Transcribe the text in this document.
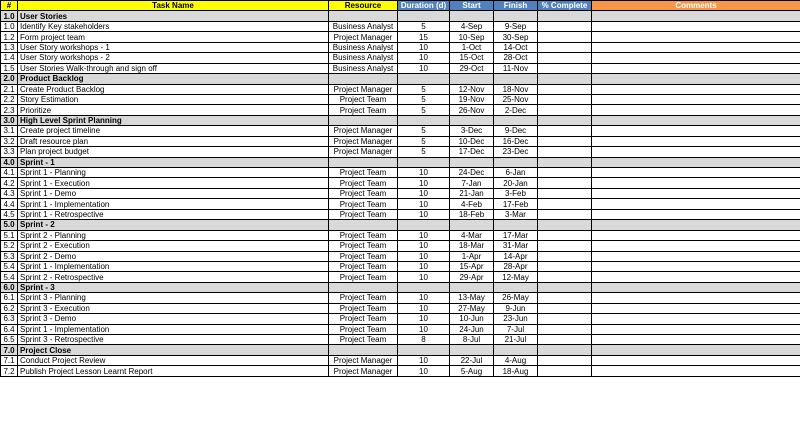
#	Task Name	Resource	Duration (d)	Start	Finish	% Complete	Comments
1.0	User Stories						
1.0	Identify Key stakeholders	Business Analyst	5	4-Sep	9-Sep		
1.2	Form project team	Project Manager	15	10-Sep	30-Sep		
1.3	User Story workshops - 1	Business Analyst	10	1-Oct	14-Oct		
1.4	User Story workshops - 2	Business Analyst	10	15-Oct	28-Oct		
1.5	User Stories Walk-through and sign off	Business Analyst	10	29-Oct	11-Nov		
2.0	Product Backlog						
2.1	Create Product Backlog	Project Manager	5	12-Nov	18-Nov		
2.2	Story Estimation	Project Team	5	19-Nov	25-Nov		
2.3	Prioritize	Project Team	5	26-Nov	2-Dec		
3.0	High Level Sprint Planning						
3.1	Create project timeline	Project Manager	5	3-Dec	9-Dec		
3.2	Draft resource plan	Project Manager	5	10-Dec	16-Dec		
3.3	Plan project budget	Project Manager	5	17-Dec	23-Dec		
4.0	Sprint - 1						
4.1	Sprint 1 - Planning	Project Team	10	24-Dec	6-Jan		
4.2	Sprint 1 - Execution	Project Team	10	7-Jan	20-Jan		
4.3	Sprint 1 - Demo	Project Team	10	21-Jan	3-Feb		
4.4	Sprint 1 - Implementation	Project Team	10	4-Feb	17-Feb		
4.5	Sprint 1 - Retrospective	Project Team	10	18-Feb	3-Mar		
5.0	Sprint - 2						
5.1	Sprint 2 - Planning	Project Team	10	4-Mar	17-Mar		
5.2	Sprint 2 - Execution	Project Team	10	18-Mar	31-Mar		
5.3	Sprint 2 - Demo	Project Team	10	1-Apr	14-Apr		
5.4	Sprint 1 - Implementation	Project Team	10	15-Apr	28-Apr		
5.4	Sprint 2 - Retrospective	Project Team	10	29-Apr	12-May		
6.0	Sprint - 3						
6.1	Sprint 3 - Planning	Project Team	10	13-May	26-May		
6.2	Sprint 3 - Execution	Project Team	10	27-May	9-Jun		
6.3	Sprint 3 - Demo	Project Team	10	10-Jun	23-Jun		
6.4	Sprint 1 - Implementation	Project Team	10	24-Jun	7-Jul		
6.5	Sprint 3 - Retrospective	Project Team	8	8-Jul	21-Jul		
7.0	Project Close						
7.1	Conduct Project Review	Project Manager	10	22-Jul	4-Aug		
7.2	Publish Project Lesson Learnt Report	Project Manager	10	5-Aug	18-Aug		
